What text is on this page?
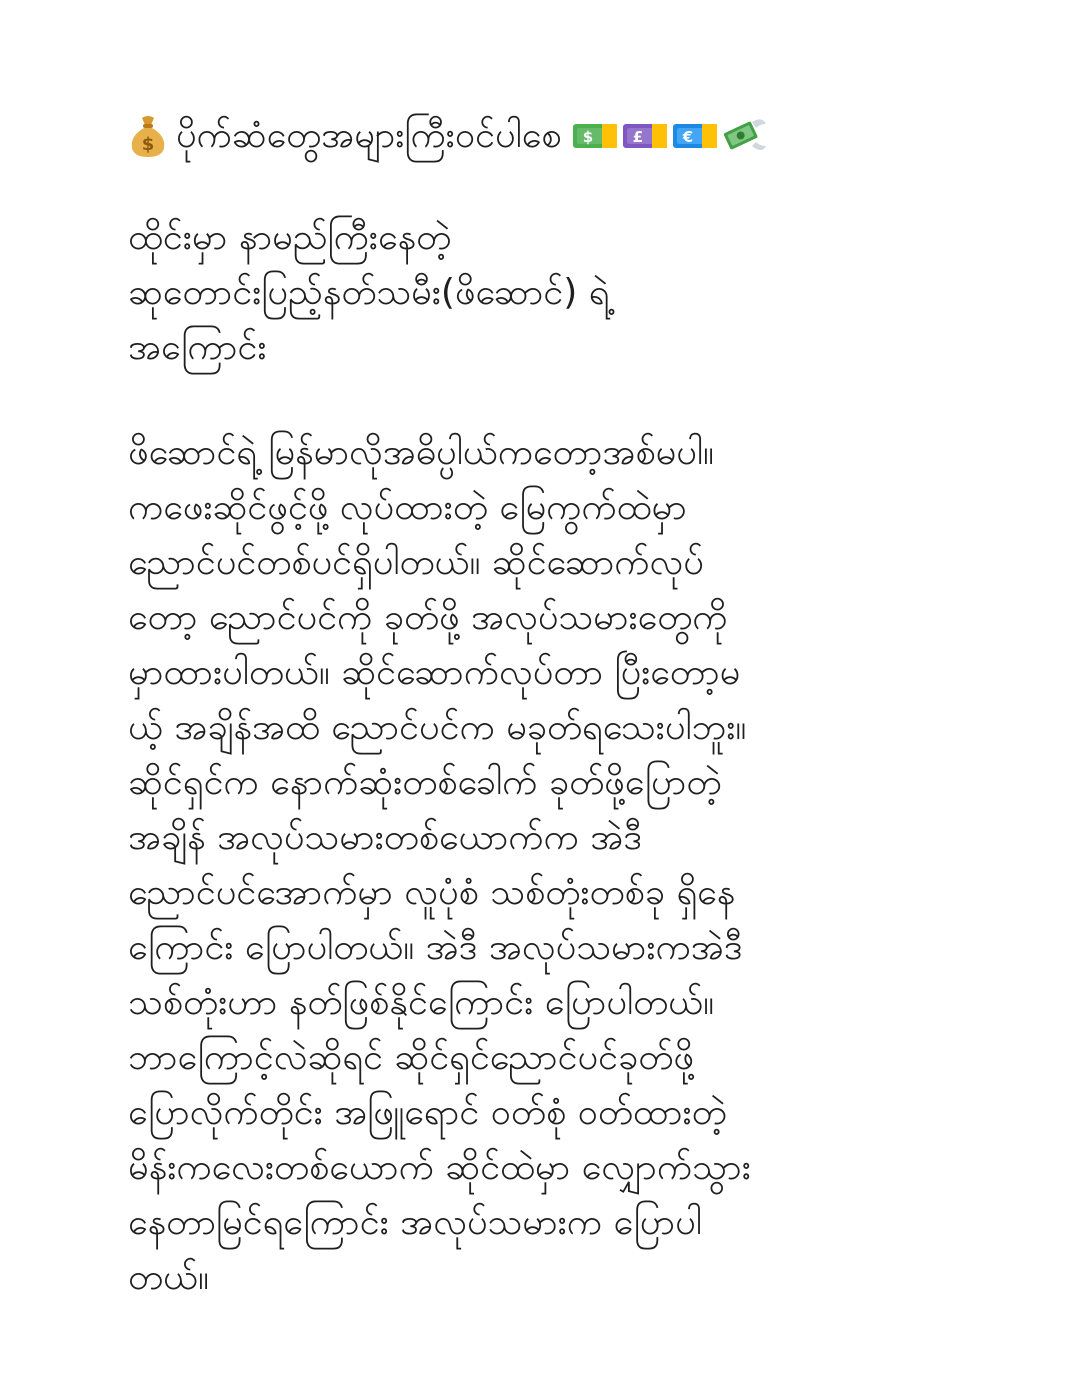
$ ပိုက်ဆံတွေအများကြီးဝင်ပါစေ $	£	€
ထိုင်းမှာ နာမည်ကြီးနေတဲ့
ဆုတောင်းပြည့်နတ်သမီး(ဖိဆောင်) ရဲ့
အကြောင်း
ဖိဆောင်ရဲ့ မြန်မာလိုအဓိပ္ပါယ်ကတော့အစ်မပါ။
ကဖေးဆိုင်ဖွင့်ဖို့ လုပ်ထားတဲ့ မြေကွက်ထဲမှာ
ညောင်ပင်တစ်ပင်ရှိပါတယ်။ ဆိုင်ဆောက်လုပ်
တော့ ညောင်ပင်ကို ခုတ်ဖို့ အလုပ်သမားတွေကို
မှာထားပါတယ်။ ဆိုင်ဆောက်လုပ်တာ ပြီးတော့မ
ယ့် အချိန်အထိ ညောင်ပင်က မခုတ်ရသေးပါဘူး။
ဆိုင်ရှင်က နောက်ဆုံးတစ်ခေါက် ခုတ်ဖို့ပြောတဲ့
အချိန် အလုပ်သမားတစ်ယောက်က အဲဒီ
ညောင်ပင်အောက်မှာ လူပုံစံ သစ်တုံးတစ်ခု ရှိနေ
ကြောင်း ပြောပါတယ်။ အဲဒီ အလုပ်သမားကအဲဒီ
သစ်တုံးဟာ နတ်ဖြစ်နိုင်ကြောင်း ပြောပါတယ်။
ဘာကြောင့်လဲဆိုရင် ဆိုင်ရှင်ညောင်ပင်ခုတ်ဖို့
ပြောလိုက်တိုင်း အဖြူရောင် ဝတ်စုံ ဝတ်ထားတဲ့
မိန်းကလေးတစ်ယောက် ဆိုင်ထဲမှာ လျှောက်သွား
နေတာမြင်ရကြောင်း အလုပ်သမားက ပြောပါ
တယ်။
